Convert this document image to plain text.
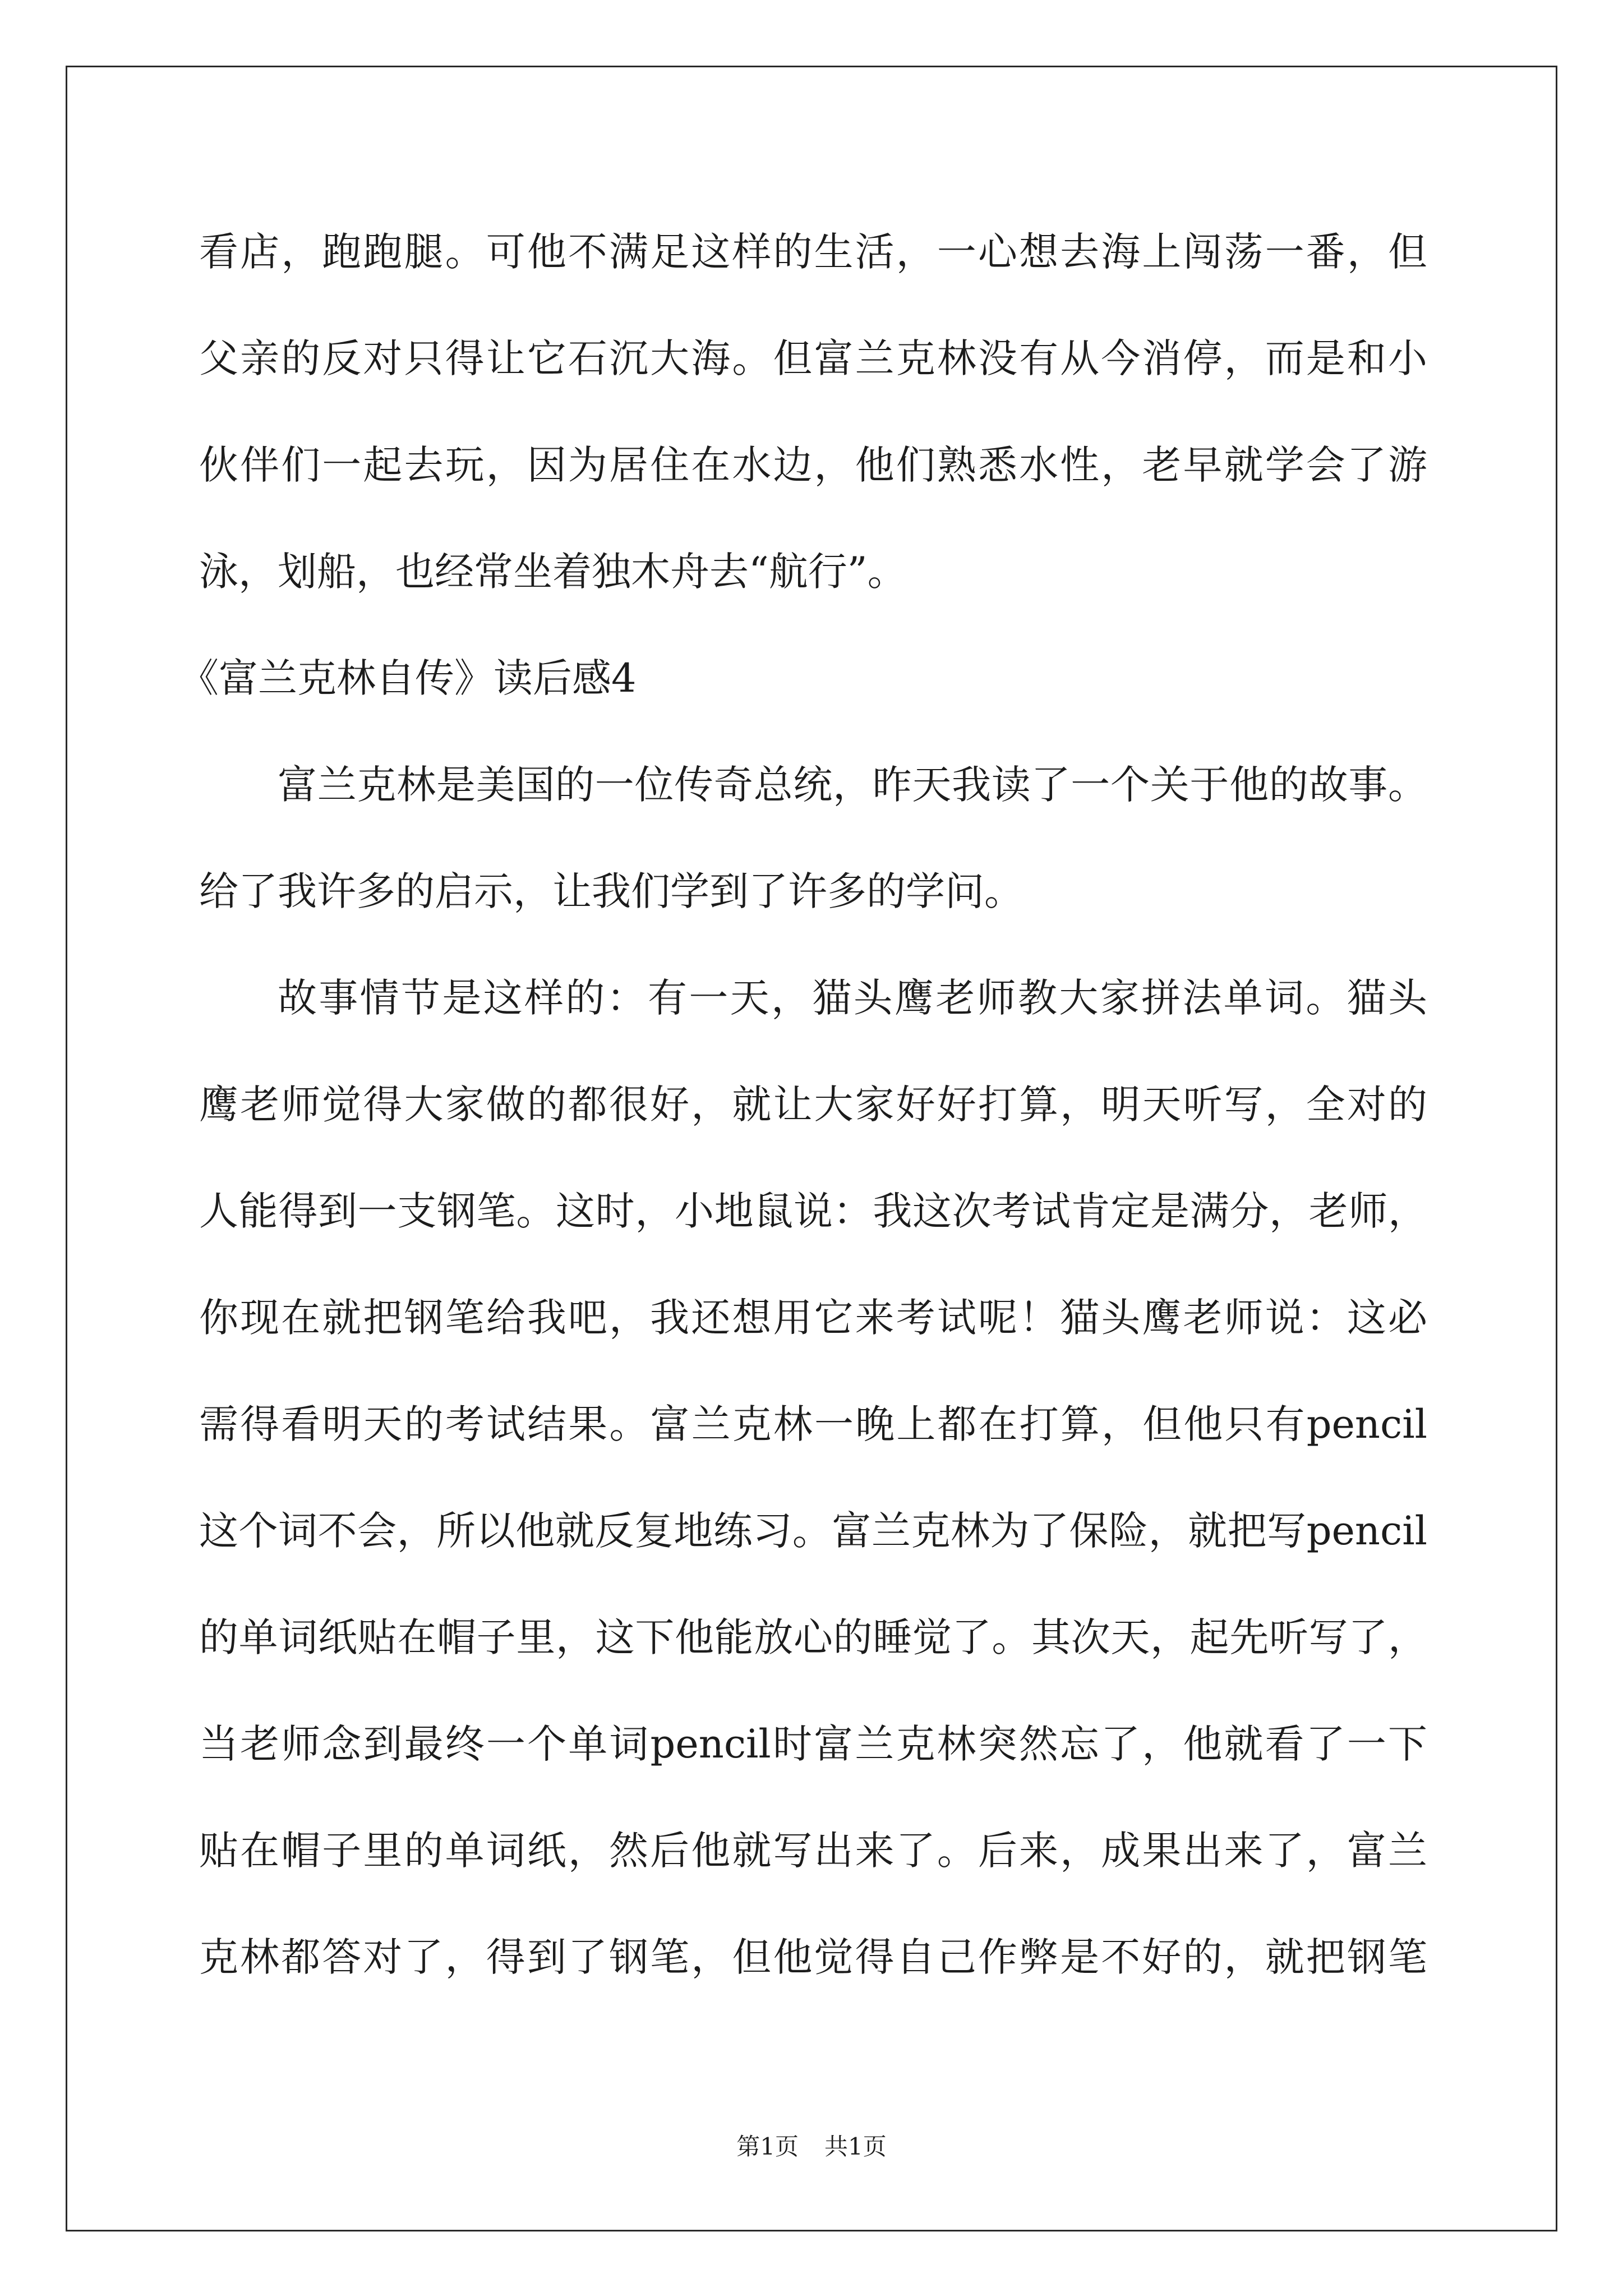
看店，跑跑腿。可他不满足这样的生活，一心想去海上闯荡一番，但
父亲的反对只得让它石沉大海。但富兰克林没有从今消停，而是和小
伙伴们一起去玩，因为居住在水边，他们熟悉水性，老早就学会了游
泳，划船，也经常坐着独木舟去“航行”。
《富兰克林自传》读后感4
富兰克林是美国的一位传奇总统，昨天我读了一个关于他的故事。
给了我许多的启示，让我们学到了许多的学问。
故事情节是这样的：有一天，猫头鹰老师教大家拼法单词。猫头
鹰老师觉得大家做的都很好，就让大家好好打算，明天听写，全对的
人能得到一支钢笔。这时，小地鼠说：我这次考试肯定是满分，老师，
你现在就把钢笔给我吧，我还想用它来考试呢！猫头鹰老师说：这必
需得看明天的考试结果。富兰克林一晚上都在打算，但他只有pencil
这个词不会，所以他就反复地练习。富兰克林为了保险，就把写pencil
的单词纸贴在帽子里，这下他能放心的睡觉了。其次天，起先听写了，
当老师念到最终一个单词pencil时富兰克林突然忘了，他就看了一下
贴在帽子里的单词纸，然后他就写出来了。后来，成果出来了，富兰
克林都答对了，得到了钢笔，但他觉得自己作弊是不好的，就把钢笔
第1页 共1页
